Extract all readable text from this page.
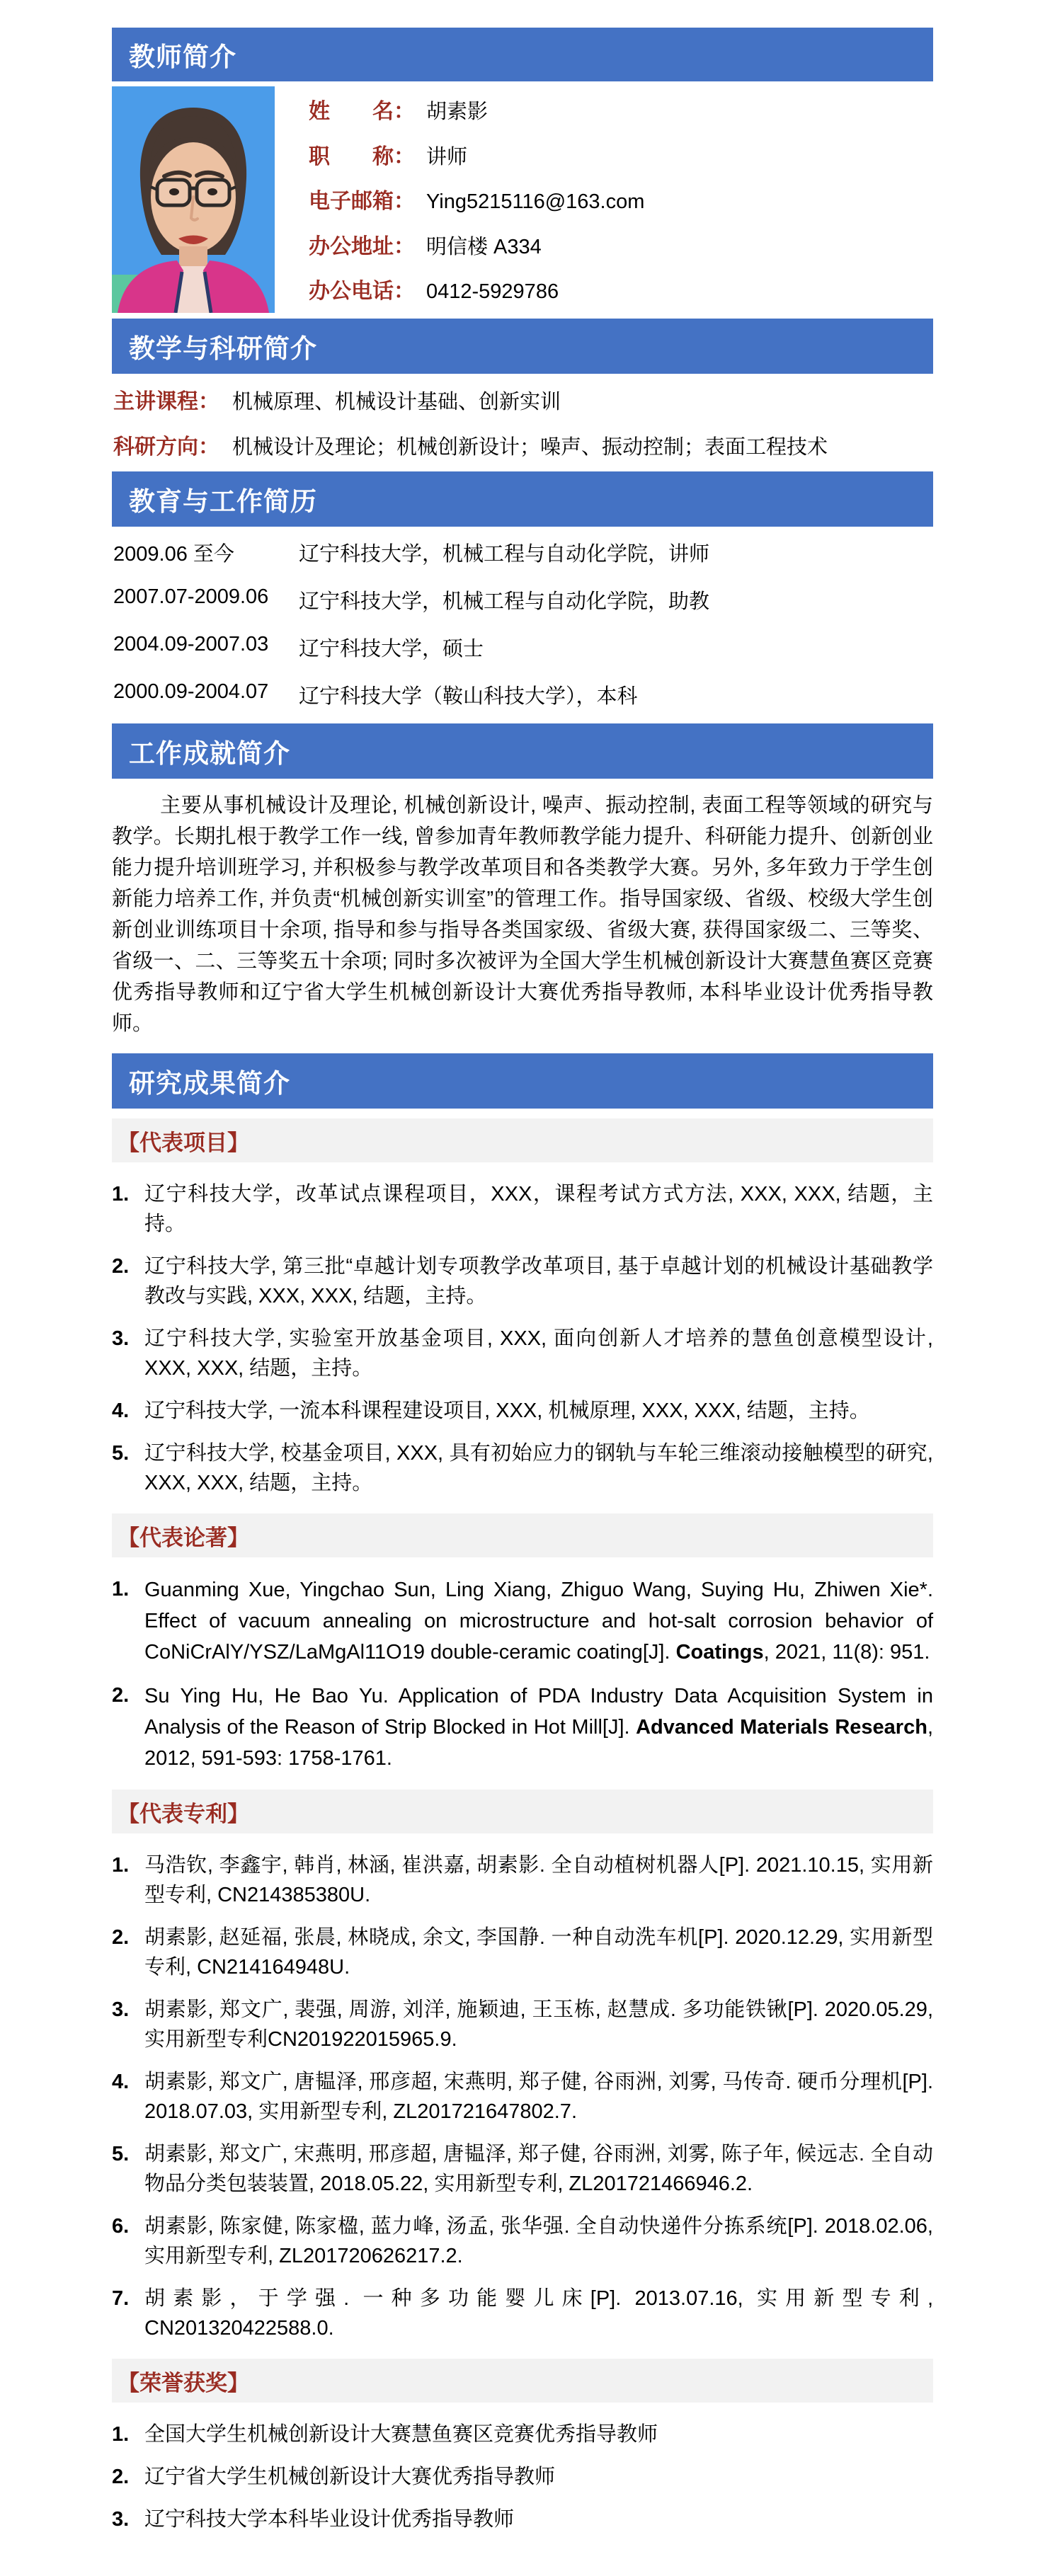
教师简介
姓　　名： 胡素影
职　　称： 讲师
电子邮箱： Ying5215116@163.com
办公地址： 明信楼 A334
办公电话： 0412-5929786
教学与科研简介
主讲课程： 机械原理、机械设计基础、创新实训
科研方向： 机械设计及理论；机械创新设计；噪声、振动控制；表面工程技术
教育与工作简历
2009.06 至今	辽宁科技大学，机械工程与自动化学院，讲师
2007.07-2009.06	辽宁科技大学，机械工程与自动化学院，助教
2004.09-2007.03	辽宁科技大学，硕士
2000.09-2004.07	辽宁科技大学（鞍山科技大学），本科
工作成就简介

主要从事机械设计及理论, 机械创新设计, 噪声、振动控制, 表面工程等领域的研究与教学。长期扎根于教学工作一线, 曾参加青年教师教学能力提升、科研能力提升、创新创业能力提升培训班学习, 并积极参与教学改革项目和各类教学大赛。另外, 多年致力于学生创新能力培养工作, 并负责“机械创新实训室”的管理工作。指导国家级、省级、校级大学生创新创业训练项目十余项, 指导和参与指导各类国家级、省级大赛, 获得国家级二、三等奖、省级一、二、三等奖五十余项; 同时多次被评为全国大学生机械创新设计大赛慧鱼赛区竞赛优秀指导教师和辽宁省大学生机械创新设计大赛优秀指导教师, 本科毕业设计优秀指导教师。

研究成果简介
【代表项目】
辽宁科技大学，改革试点课程项目，XXX，课程考试方式方法, XXX, XXX, 结题，主持。
辽宁科技大学, 第三批“卓越计划专项教学改革项目, 基于卓越计划的机械设计基础教学教改与实践, XXX, XXX, 结题，主持。
辽宁科技大学, 实验室开放基金项目, XXX, 面向创新人才培养的慧鱼创意模型设计, XXX, XXX, 结题，主持。
辽宁科技大学, 一流本科课程建设项目, XXX, 机械原理, XXX, XXX, 结题，主持。
辽宁科技大学, 校基金项目, XXX, 具有初始应力的钢轨与车轮三维滚动接触模型的研究, XXX, XXX, 结题，主持。
【代表论著】
Guanming Xue, Yingchao Sun, Ling Xiang, Zhiguo Wang, Suying Hu, Zhiwen Xie*. Effect of vacuum annealing on microstructure and hot-salt corrosion behavior of CoNiCrAlY/YSZ/LaMgAl11O19 double-ceramic coating[J]. Coatings, 2021, 11(8): 951.
Su Ying Hu, He Bao Yu. Application of PDA Industry Data Acquisition System in Analysis of the Reason of Strip Blocked in Hot Mill[J]. Advanced Materials Research, 2012, 591-593: 1758-1761.
【代表专利】
马浩钦, 李鑫宇, 韩肖, 林涵, 崔洪嘉, 胡素影. 全自动植树机器人[P]. 2021.10.15, 实用新型专利, CN214385380U.
胡素影, 赵延福, 张晨, 林晓成, 余文, 李国静. 一种自动洗车机[P]. 2020.12.29, 实用新型专利, CN214164948U.
胡素影, 郑文广, 裴强, 周游, 刘洋, 施颖迪, 王玉栋, 赵慧成. 多功能铁锹[P]. 2020.05.29, 实用新型专利CN201922015965.9.
胡素影, 郑文广, 唐韫泽, 邢彦超, 宋燕明, 郑子健, 谷雨洲, 刘雾, 马传奇. 硬币分理机[P]. 2018.07.03, 实用新型专利, ZL201721647802.7.
胡素影, 郑文广, 宋燕明, 邢彦超, 唐韫泽, 郑子健, 谷雨洲, 刘雾, 陈子年, 候远志. 全自动物品分类包装装置, 2018.05.22, 实用新型专利, ZL201721466946.2.
胡素影, 陈家健, 陈家楹, 蓝力峰, 汤孟, 张华强. 全自动快递件分拣系统[P]. 2018.02.06, 实用新型专利, ZL201720626217.2.
胡素影，于学强. 一种多功能婴儿床[P]. 2013.07.16, 实用新型专利, CN201320422588.0.
【荣誉获奖】
全国大学生机械创新设计大赛慧鱼赛区竞赛优秀指导教师
辽宁省大学生机械创新设计大赛优秀指导教师
辽宁科技大学本科毕业设计优秀指导教师
